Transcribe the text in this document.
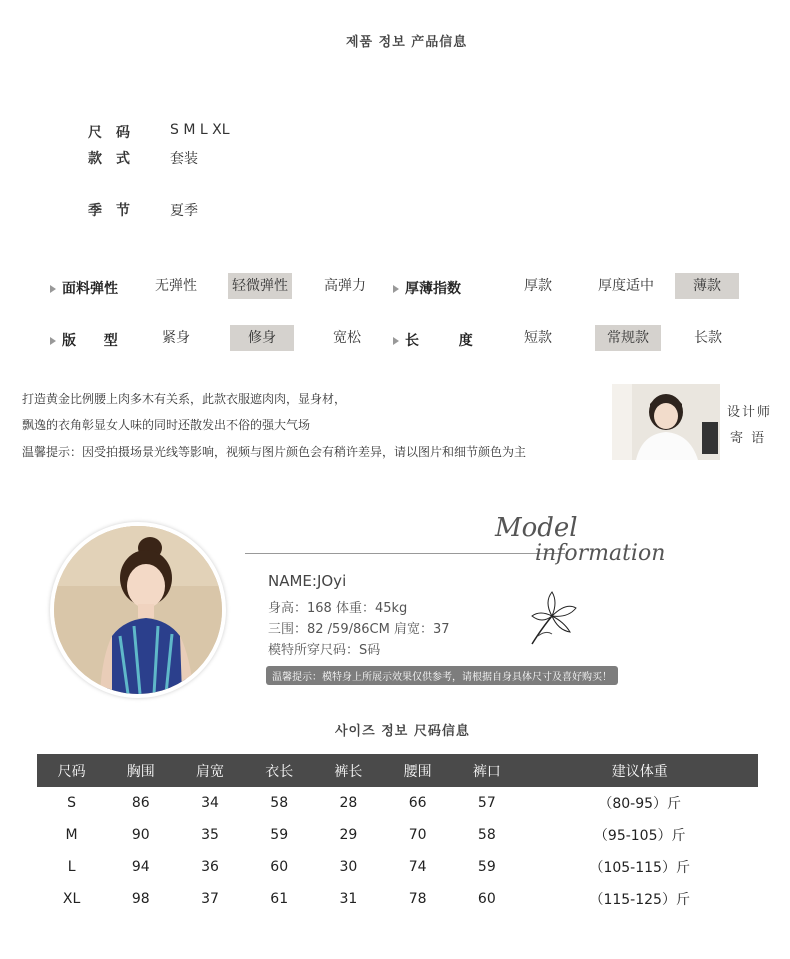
제품 정보 产品信息
尺码 S M L XL
款式 套装
季节 夏季
面料弹性	无弹性	轻微弹性	高弹力	厚薄指数	厚款	厚度适中	薄款
版  型	紧身	修身	宽松	长  度	短款	常规款	长款
打造黄金比例腰上肉多木有关系，此款衣服遮肉肉，显身材，
飘逸的衣角彰显女人味的同时还散发出不俗的强大气场
温馨提示：因受拍摄场景光线等影响，视频与图片颜色会有稍许差异，请以图片和细节颜色为主
设计师
寄 语
Model
information
NAME:JOyi
身高：168 体重：45kg
三围：82 /59/86CM 肩宽：37
模特所穿尺码：S码
温馨提示：模特身上所展示效果仅供参考，请根据自身具体尺寸及喜好购买！
사이즈 정보 尺码信息
尺码	胸围	肩宽	衣长	裤长	腰围	裤口	建议体重
S	86	34	58	28	66	57	（80-95）斤
M	90	35	59	29	70	58	（95-105）斤
L	94	36	60	30	74	59	（105-115）斤
XL	98	37	61	31	78	60	（115-125）斤
